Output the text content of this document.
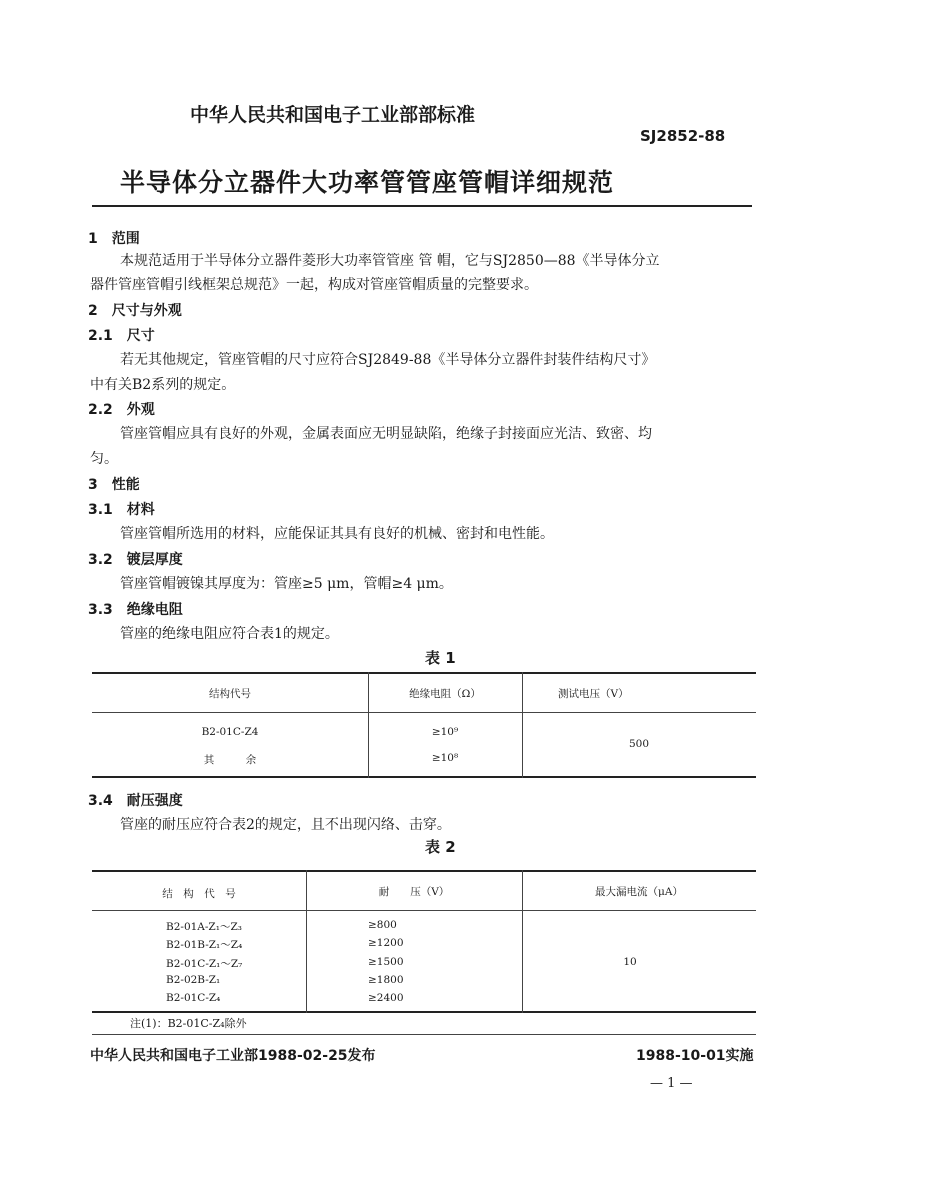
中华人民共和国电子工业部部标准
SJ2852-88
半导体分立器件大功率管管座管帽详细规范
1　范围
本规范适用于半导体分立器件菱形大功率管管座 管 帽，它与SJ2850—88《半导体分立
器件管座管帽引线框架总规范》一起，构成对管座管帽质量的完整要求。
2　尺寸与外观
2.1　尺寸
若无其他规定，管座管帽的尺寸应符合SJ2849-88《半导体分立器件封装件结构尺寸》
中有关B2系列的规定。
2.2　外观
管座管帽应具有良好的外观，金属表面应无明显缺陷，绝缘子封接面应光洁、致密、均
匀。
3　性能
3.1　材料
管座管帽所选用的材料，应能保证其具有良好的机械、密封和电性能。
3.2　镀层厚度
管座管帽镀镍其厚度为：管座≥5 μm，管帽≥4 μm。
3.3　绝缘电阻
管座的绝缘电阻应符合表1的规定。
表 1
结构代号	绝缘电阻（Ω）	测试电压（V）
B2-01C-Z4	≥10⁹
其　　　余	≥10⁸
500
3.4　耐压强度
管座的耐压应符合表2的规定，且不出现闪络、击穿。
表 2
结　构　代　号	耐　　压（V）	最大漏电流（μA）
B2-01A-Z₁～Z₃	≥800
B2-01B-Z₁～Z₄	≥1200
B2-01C-Z₁～Z₇	≥1500
B2-02B-Z₁	≥1800
B2-01C-Z₄	≥2400
10
注(1)：B2-01C-Z₄除外
中华人民共和国电子工业部1988-02-25发布	1988-10-01实施
— 1 —
